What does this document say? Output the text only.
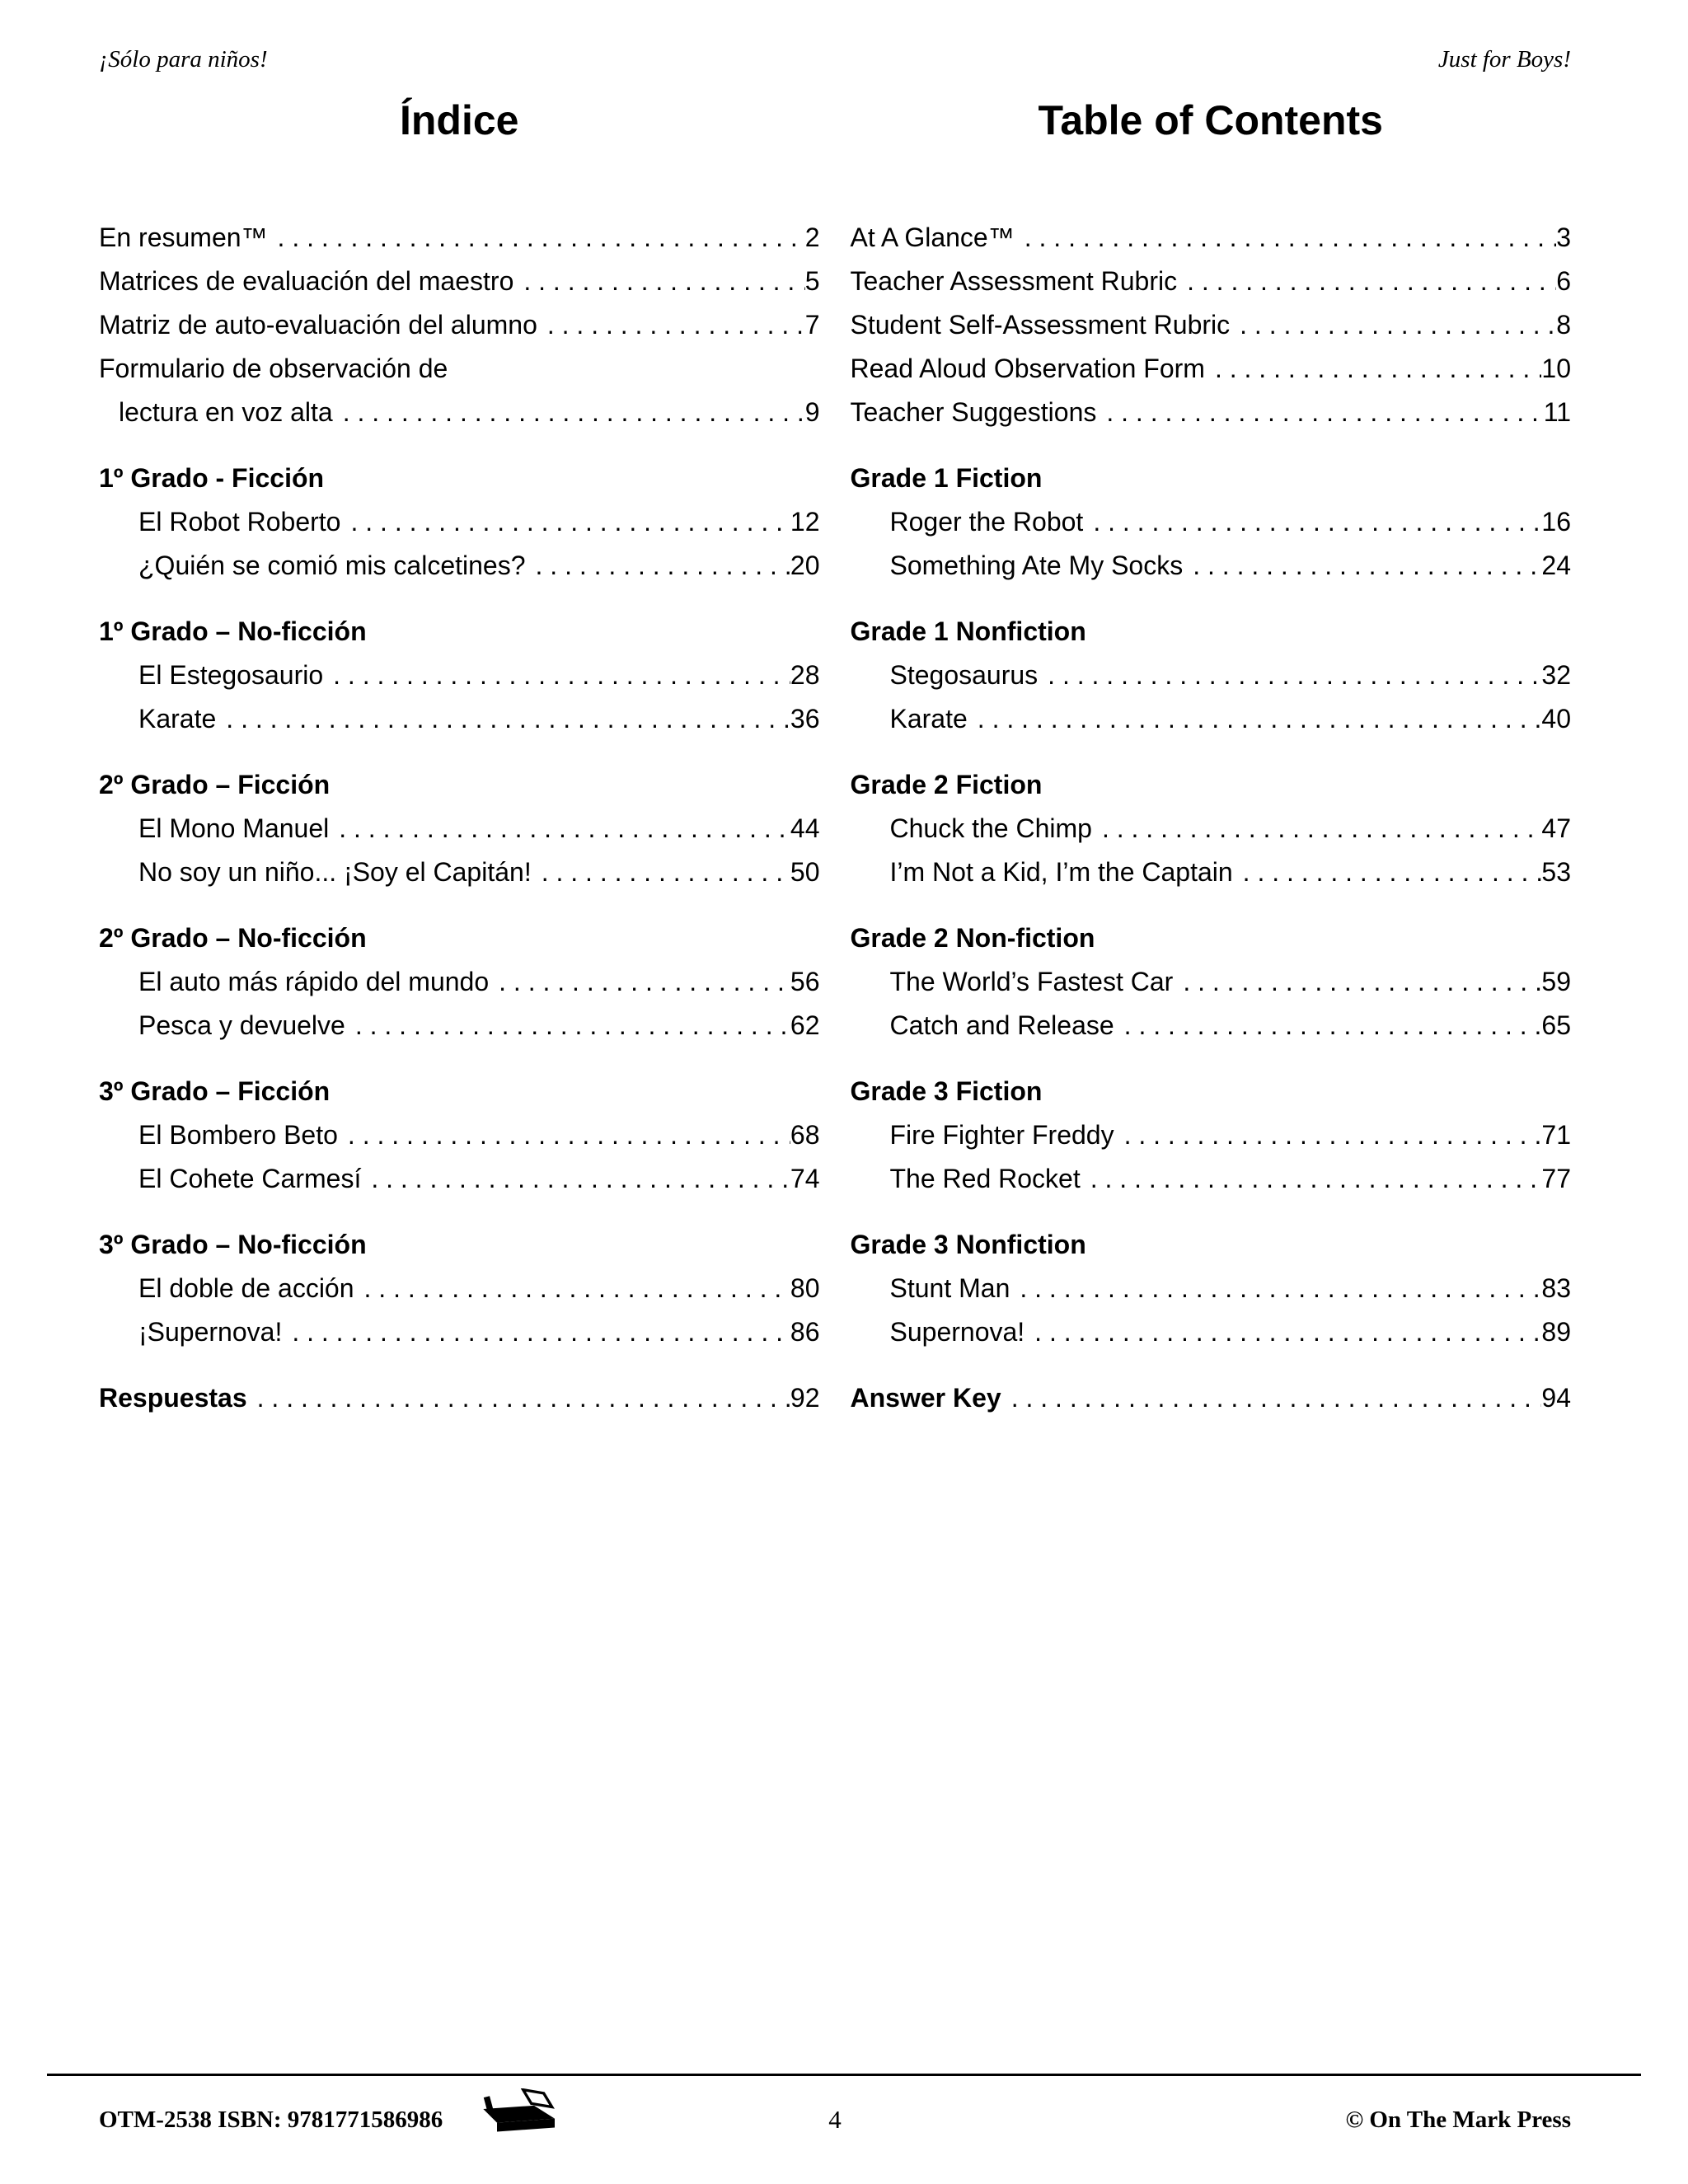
¡Sólo para niños!	Just for Boys!
Índice
En resumen™ . . .	2
Matrices de evaluación del maestro . . .	5
Matriz de auto-evaluación del alumno . . .	7
Formulario de observación de
lectura en voz alta . . .	9
1º Grado - Ficción
El Robot Roberto . . .	12
¿Quién se comió mis calcetines? . . .	20
1º Grado – No-ficción
El Estegosaurio . . .	28
Karate . . .	36
2º Grado – Ficción
El Mono Manuel . . .	44
No soy un niño... ¡Soy el Capitán! . . .	50
2º Grado – No-ficción
El auto más rápido del mundo . . .	56
Pesca y devuelve . . .	62
3º Grado – Ficción
El Bombero Beto . . .	68
El Cohete Carmesí . . .	74
3º Grado – No-ficción
El doble de acción . . .	80
¡Supernova! . . .	86
Respuestas . . .	92
Table of Contents
At A Glance™ . . .	3
Teacher Assessment Rubric . . .	6
Student Self-Assessment Rubric . . .	8
Read Aloud Observation Form . . .	10
Teacher Suggestions . . .	11
Grade 1 Fiction
Roger the Robot . . .	16
Something Ate My Socks . . .	24
Grade 1 Nonfiction
Stegosaurus . . .	32
Karate . . .	40
Grade 2 Fiction
Chuck the Chimp . . .	47
I’m Not a Kid, I’m the Captain . . .	53
Grade 2 Non-fiction
The World’s Fastest Car . . .	59
Catch and Release . . .	65
Grade 3 Fiction
Fire Fighter Freddy . . .	71
The Red Rocket . . .	77
Grade 3 Nonfiction
Stunt Man . . .	83
Supernova! . . .	89
Answer Key . . .	94
OTM-2538 ISBN: 9781771586986	4	© On The Mark Press
